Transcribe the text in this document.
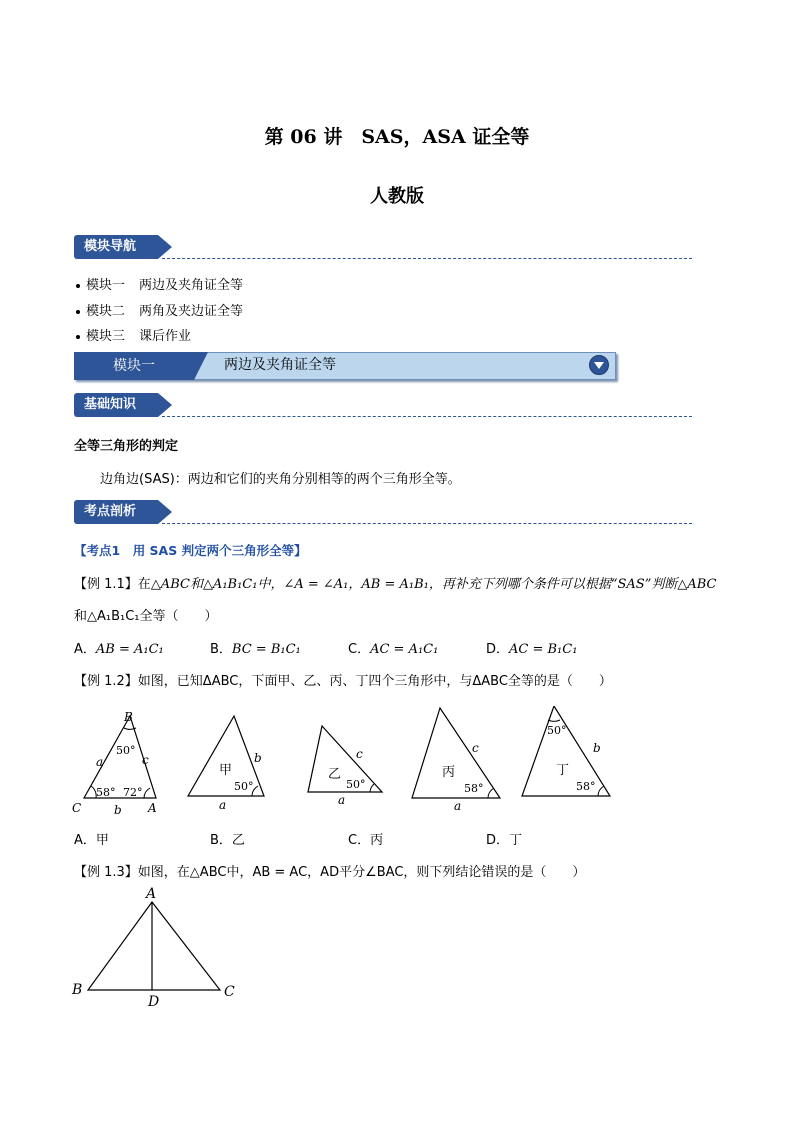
第 06 讲　SAS，ASA 证全等
人教版
模块导航
模块一 两边及夹角证全等
模块二 两角及夹边证全等
模块三 课后作业
模块一	两边及夹角证全等
基础知识
全等三角形的判定
边角边(SAS)：两边和它们的夹角分别相等的两个三角形全等。
考点剖析
【考点1　用 SAS 判定两个三角形全等】
【例 1.1】在△ABC和△A₁B₁C₁中，∠A = ∠A₁，AB = A₁B₁，再补充下列哪个条件可以根据“SAS”判断△ABC
和△A₁B₁C₁全等（　　）
A．AB = A₁C₁	B．BC = B₁C₁	C．AC = A₁C₁	D．AC = B₁C₁
【例 1.2】如图，已知ΔABC，下面甲、乙、丙、丁四个三角形中，与ΔABC全等的是（　　）
B
C	A
a	c
b
50°
58° 72°
甲
b
a
50°
乙
c
a
50°
丙
c
a
58°
丁
b
50°
58°
A．甲	B．乙	C．丙	D．丁
【例 1.3】如图，在△ABC中，AB = AC，AD平分∠BAC，则下列结论错误的是（　　）
A
B	C
D
